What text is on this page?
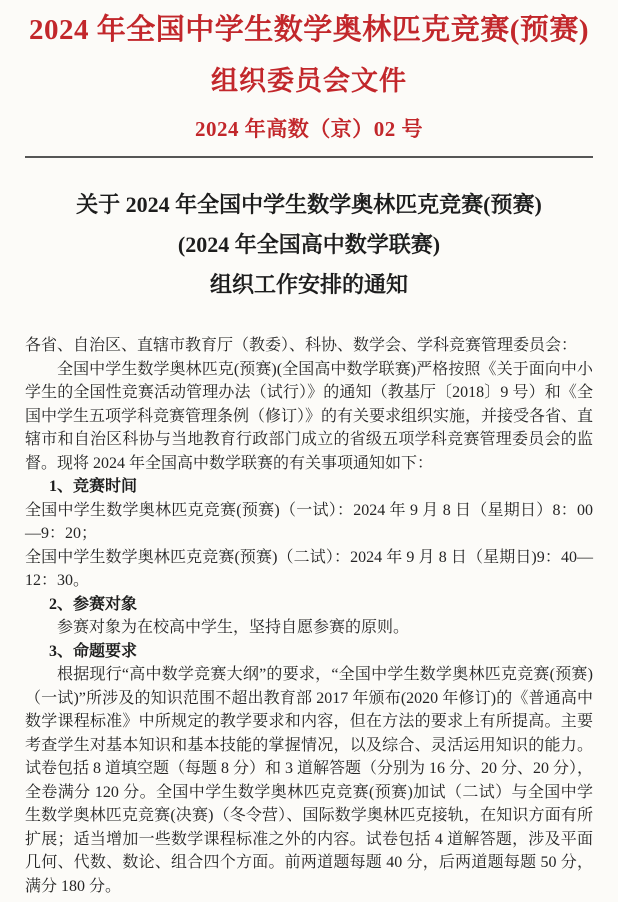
2024 年全国中学生数学奥林匹克竞赛(预赛)
组织委员会文件
2024 年高数（京）02 号

关于 2024 年全国中学生数学奥林匹克竞赛(预赛)

(2024 年全国高中数学联赛)

组织工作安排的通知

各省、自治区、直辖市教育厅（教委）、科协、数学会、学科竞赛管理委员会：

全国中学生数学奥林匹克(预赛)(全国高中数学联赛)严格按照《关于面向中小学生的全国性竞赛活动管理办法（试行）》的通知（教基厅〔2018〕9 号）和《全国中学生五项学科竞赛管理条例（修订）》的有关要求组织实施，并接受各省、直辖市和自治区科协与当地教育行政部门成立的省级五项学科竞赛管理委员会的监督。现将 2024 年全国高中数学联赛的有关事项通知如下：

1、竞赛时间

全国中学生数学奥林匹克竞赛(预赛)（一试）：2024 年 9 月 8 日（星期日）8：00—9：20；

全国中学生数学奥林匹克竞赛(预赛)（二试）：2024 年 9 月 8 日（星期日)9：40—12：30。

2、参赛对象

参赛对象为在校高中学生，坚持自愿参赛的原则。

3、命题要求

根据现行“高中数学竞赛大纲”的要求，“全国中学生数学奥林匹克竞赛(预赛)（一试)”所涉及的知识范围不超出教育部 2017 年颁布(2020 年修订)的《普通高中数学课程标准》中所规定的教学要求和内容，但在方法的要求上有所提高。主要考查学生对基本知识和基本技能的掌握情况，以及综合、灵活运用知识的能力。试卷包括 8 道填空题（每题 8 分）和 3 道解答题（分别为 16 分、20 分、20 分），全卷满分 120 分。全国中学生数学奥林匹克竞赛(预赛)加试（二试）与全国中学生数学奥林匹克竞赛(决赛)（冬令营）、国际数学奥林匹克接轨，在知识方面有所扩展；适当增加一些数学课程标准之外的内容。试卷包括 4 道解答题，涉及平面几何、代数、数论、组合四个方面。前两道题每题 40 分，后两道题每题 50 分，满分 180 分。
